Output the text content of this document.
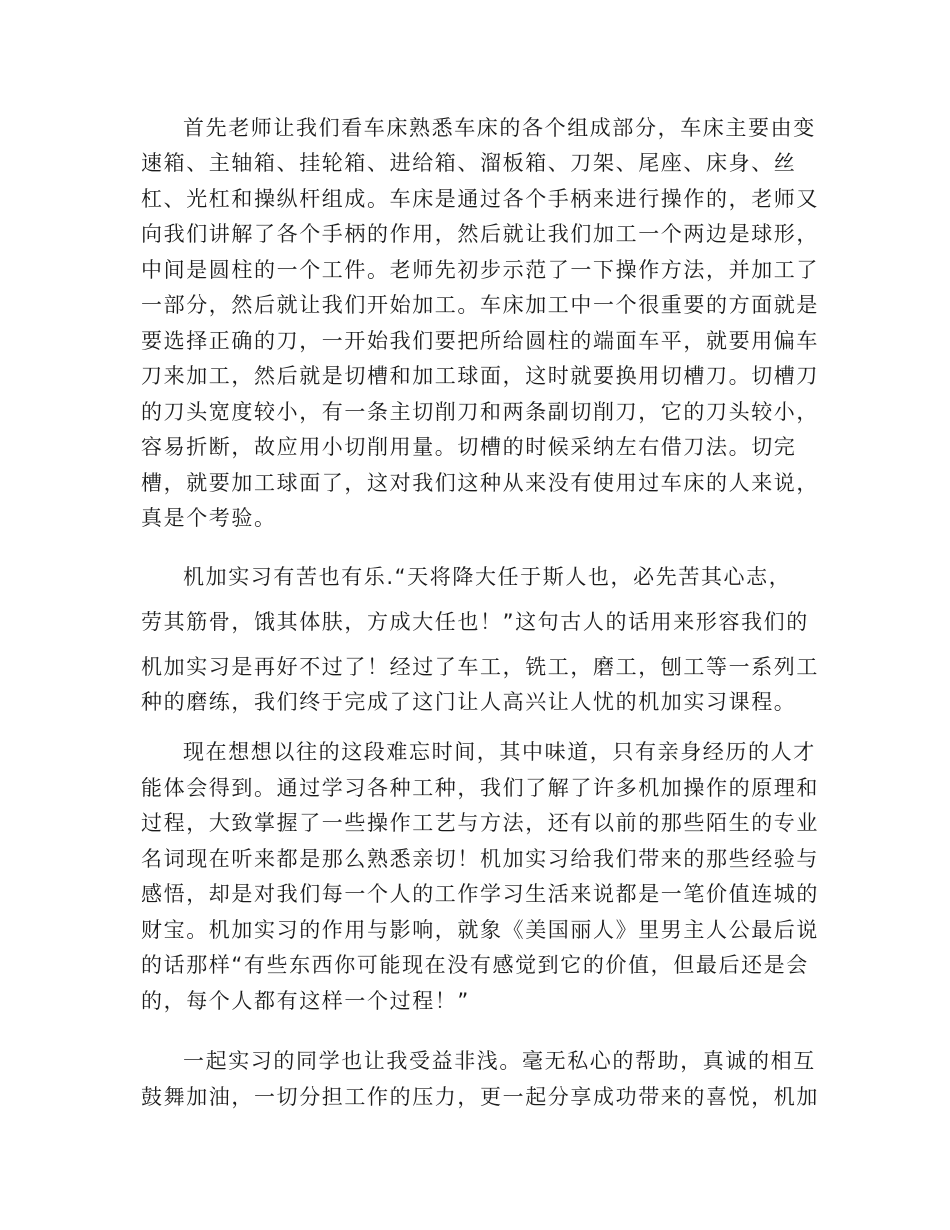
首先老师让我们看车床熟悉车床的各个组成部分，车床主要由变
速箱、主轴箱、挂轮箱、进给箱、溜板箱、刀架、尾座、床身、丝
杠、光杠和操纵杆组成。车床是通过各个手柄来进行操作的，老师又
向我们讲解了各个手柄的作用，然后就让我们加工一个两边是球形，
中间是圆柱的一个工件。老师先初步示范了一下操作方法，并加工了
一部分，然后就让我们开始加工。车床加工中一个很重要的方面就是
要选择正确的刀，一开始我们要把所给圆柱的端面车平，就要用偏车
刀来加工，然后就是切槽和加工球面，这时就要换用切槽刀。切槽刀
的刀头宽度较小，有一条主切削刀和两条副切削刀，它的刀头较小，
容易折断，故应用小切削用量。切槽的时候采纳左右借刀法。切完
槽，就要加工球面了，这对我们这种从来没有使用过车床的人来说，
真是个考验。
机加实习有苦也有乐.“天将降大任于斯人也，必先苦其心志，
劳其筋骨，饿其体肤，方成大任也！”这句古人的话用来形容我们的
机加实习是再好不过了！经过了车工，铣工，磨工，刨工等一系列工
种的磨练，我们终于完成了这门让人高兴让人忧的机加实习课程。
现在想想以往的这段难忘时间，其中味道，只有亲身经历的人才
能体会得到。通过学习各种工种，我们了解了许多机加操作的原理和
过程，大致掌握了一些操作工艺与方法，还有以前的那些陌生的专业
名词现在听来都是那么熟悉亲切！机加实习给我们带来的那些经验与
感悟，却是对我们每一个人的工作学习生活来说都是一笔价值连城的
财宝。机加实习的作用与影响，就象《美国丽人》里男主人公最后说
的话那样“有些东西你可能现在没有感觉到它的价值，但最后还是会
的，每个人都有这样一个过程！”
一起实习的同学也让我受益非浅。毫无私心的帮助，真诚的相互
鼓舞加油，一切分担工作的压力，更一起分享成功带来的喜悦，机加
